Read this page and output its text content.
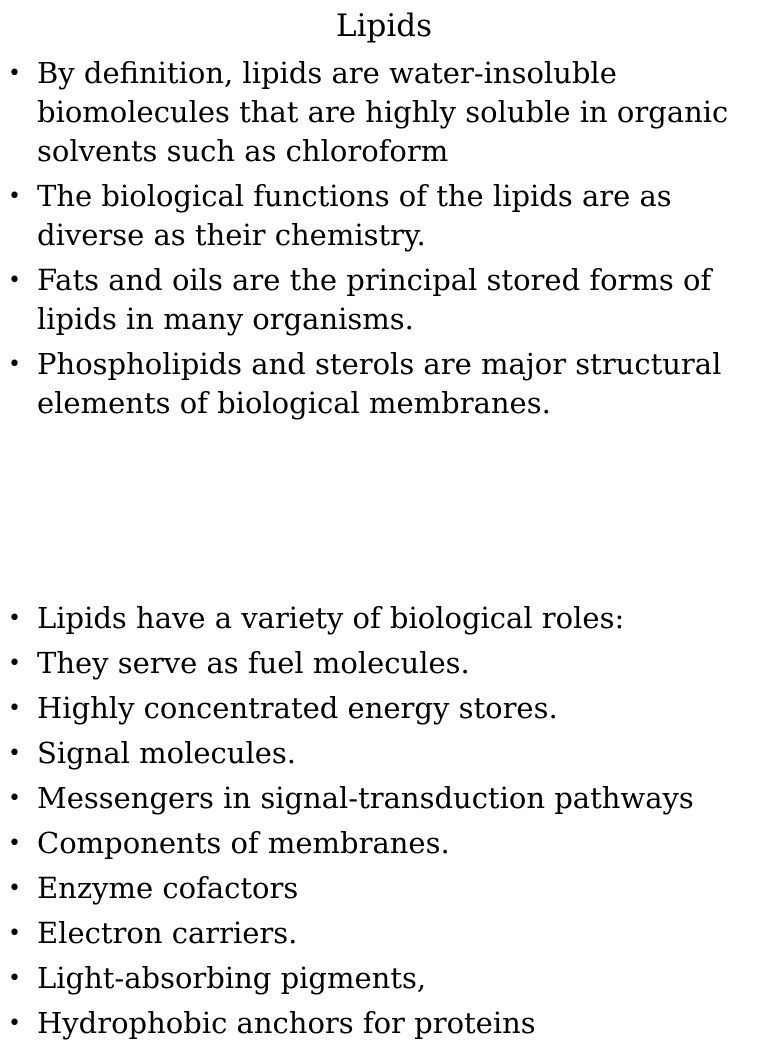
Lipids
• By definition, lipids are water-insoluble biomolecules that are highly soluble in organic solvents such as chloroform
• The biological functions of the lipids are as diverse as their chemistry.
• Fats and oils are the principal stored forms of lipids in many organisms.
• Phospholipids and sterols are major structural elements of biological membranes.
• Lipids have a variety of biological roles:
• They serve as fuel molecules.
• Highly concentrated energy stores.
• Signal molecules.
• Messengers in signal-transduction pathways
• Components of membranes.
• Enzyme cofactors
• Electron carriers.
• Light-absorbing pigments,
• Hydrophobic anchors for proteins
